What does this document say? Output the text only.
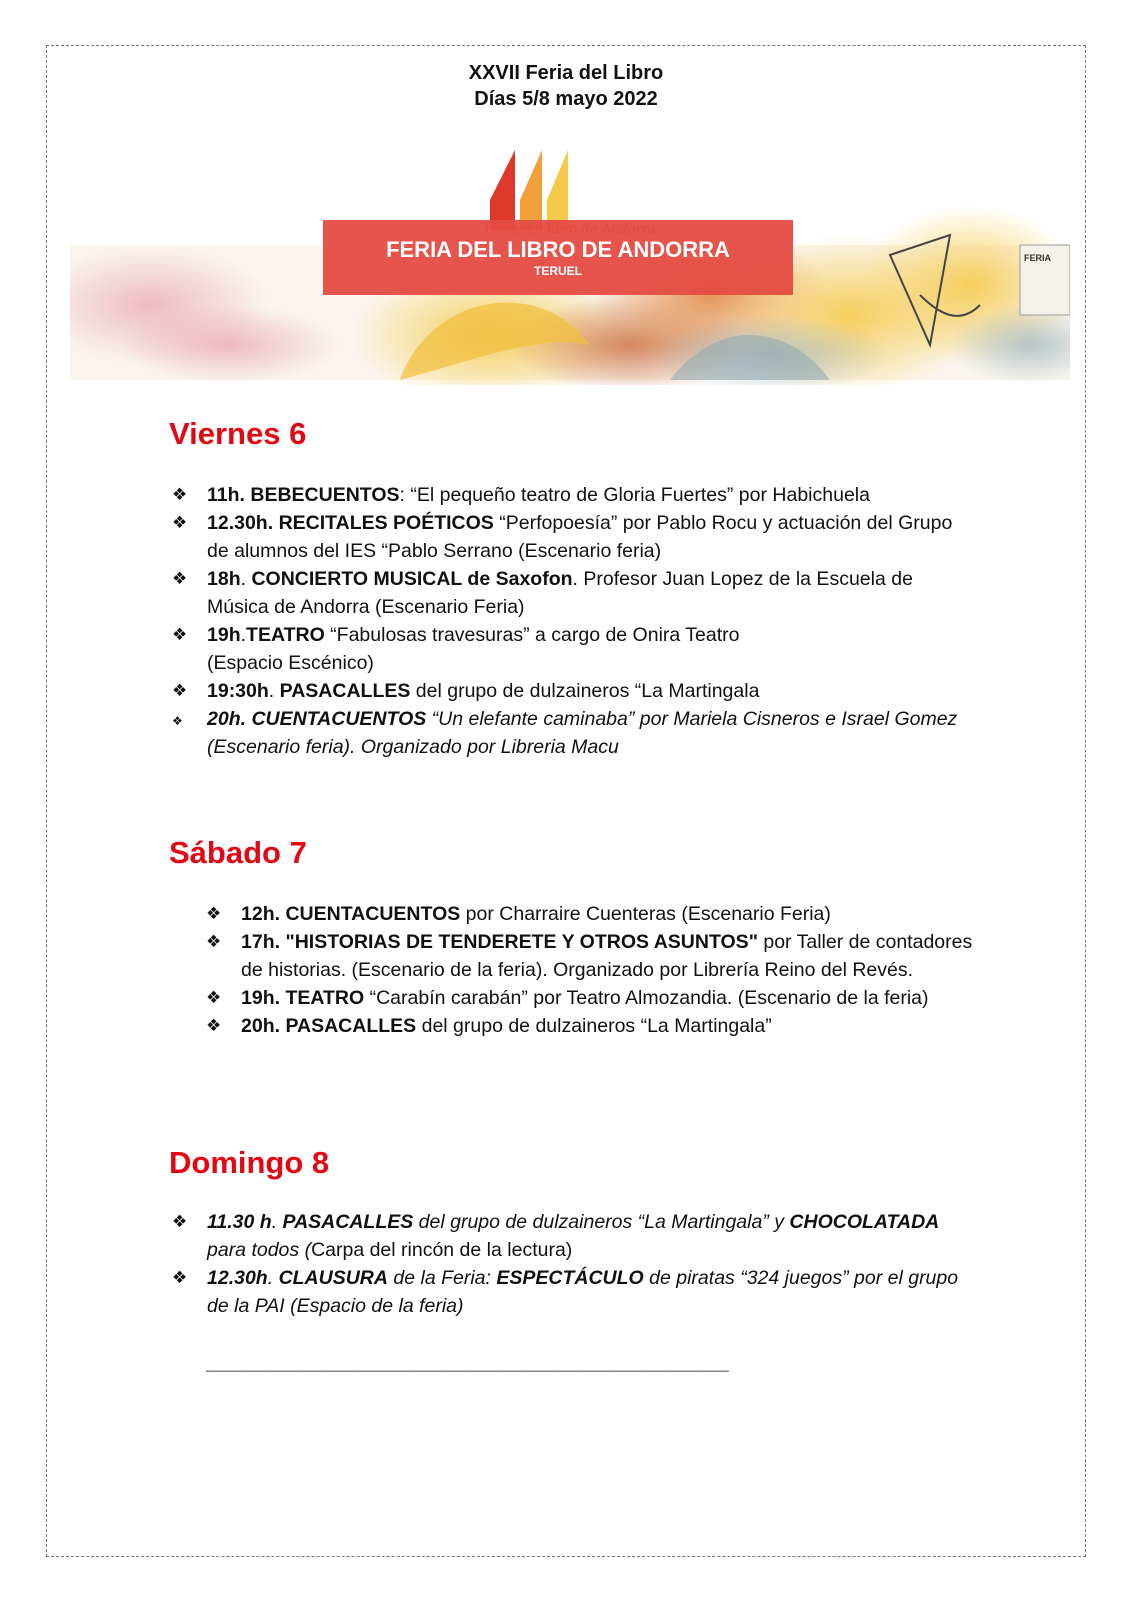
XXVII Feria del Libro
Días 5/8 mayo 2022
FERIA
FERIA DEL LIBRO DE ANDORRA
TERUEL
Viernes 6
❖ 11h. BEBECUENTOS: “El pequeño teatro de Gloria Fuertes” por Habichuela
❖ 12.30h. RECITALES POÉTICOS “Perfopoesía” por Pablo Rocu y actuación del Grupo de alumnos del IES “Pablo Serrano (Escenario feria)
❖ 18h. CONCIERTO MUSICAL de Saxofon. Profesor Juan Lopez de la Escuela de Música de Andorra (Escenario Feria)
❖ 19h.TEATRO “Fabulosas travesuras” a cargo de Onira Teatro
(Espacio Escénico)
❖ 19:30h. PASACALLES del grupo de dulzaineros “La Martingala
❖ 20h. CUENTACUENTOS “Un elefante caminaba” por Mariela Cisneros e Israel Gomez (Escenario feria). Organizado por Libreria Macu
Sábado 7
❖ 12h. CUENTACUENTOS por Charraire Cuenteras (Escenario Feria)
❖ 17h. "HISTORIAS DE TENDERETE Y OTROS ASUNTOS" por Taller de contadores de historias. (Escenario de la feria). Organizado por Librería Reino del Revés.
❖ 19h. TEATRO “Carabín carabán” por Teatro Almozandia. (Escenario de la feria)
❖ 20h. PASACALLES del grupo de dulzaineros “La Martingala”
Domingo 8
❖ 11.30 h. PASACALLES del grupo de dulzaineros “La Martingala” y CHOCOLATADA para todos (Carpa del rincón de la lectura)
❖ 12.30h. CLAUSURA de la Feria: ESPECTÁCULO de piratas “324 juegos” por el grupo de la PAI (Espacio de la feria)
_______________________________________________
